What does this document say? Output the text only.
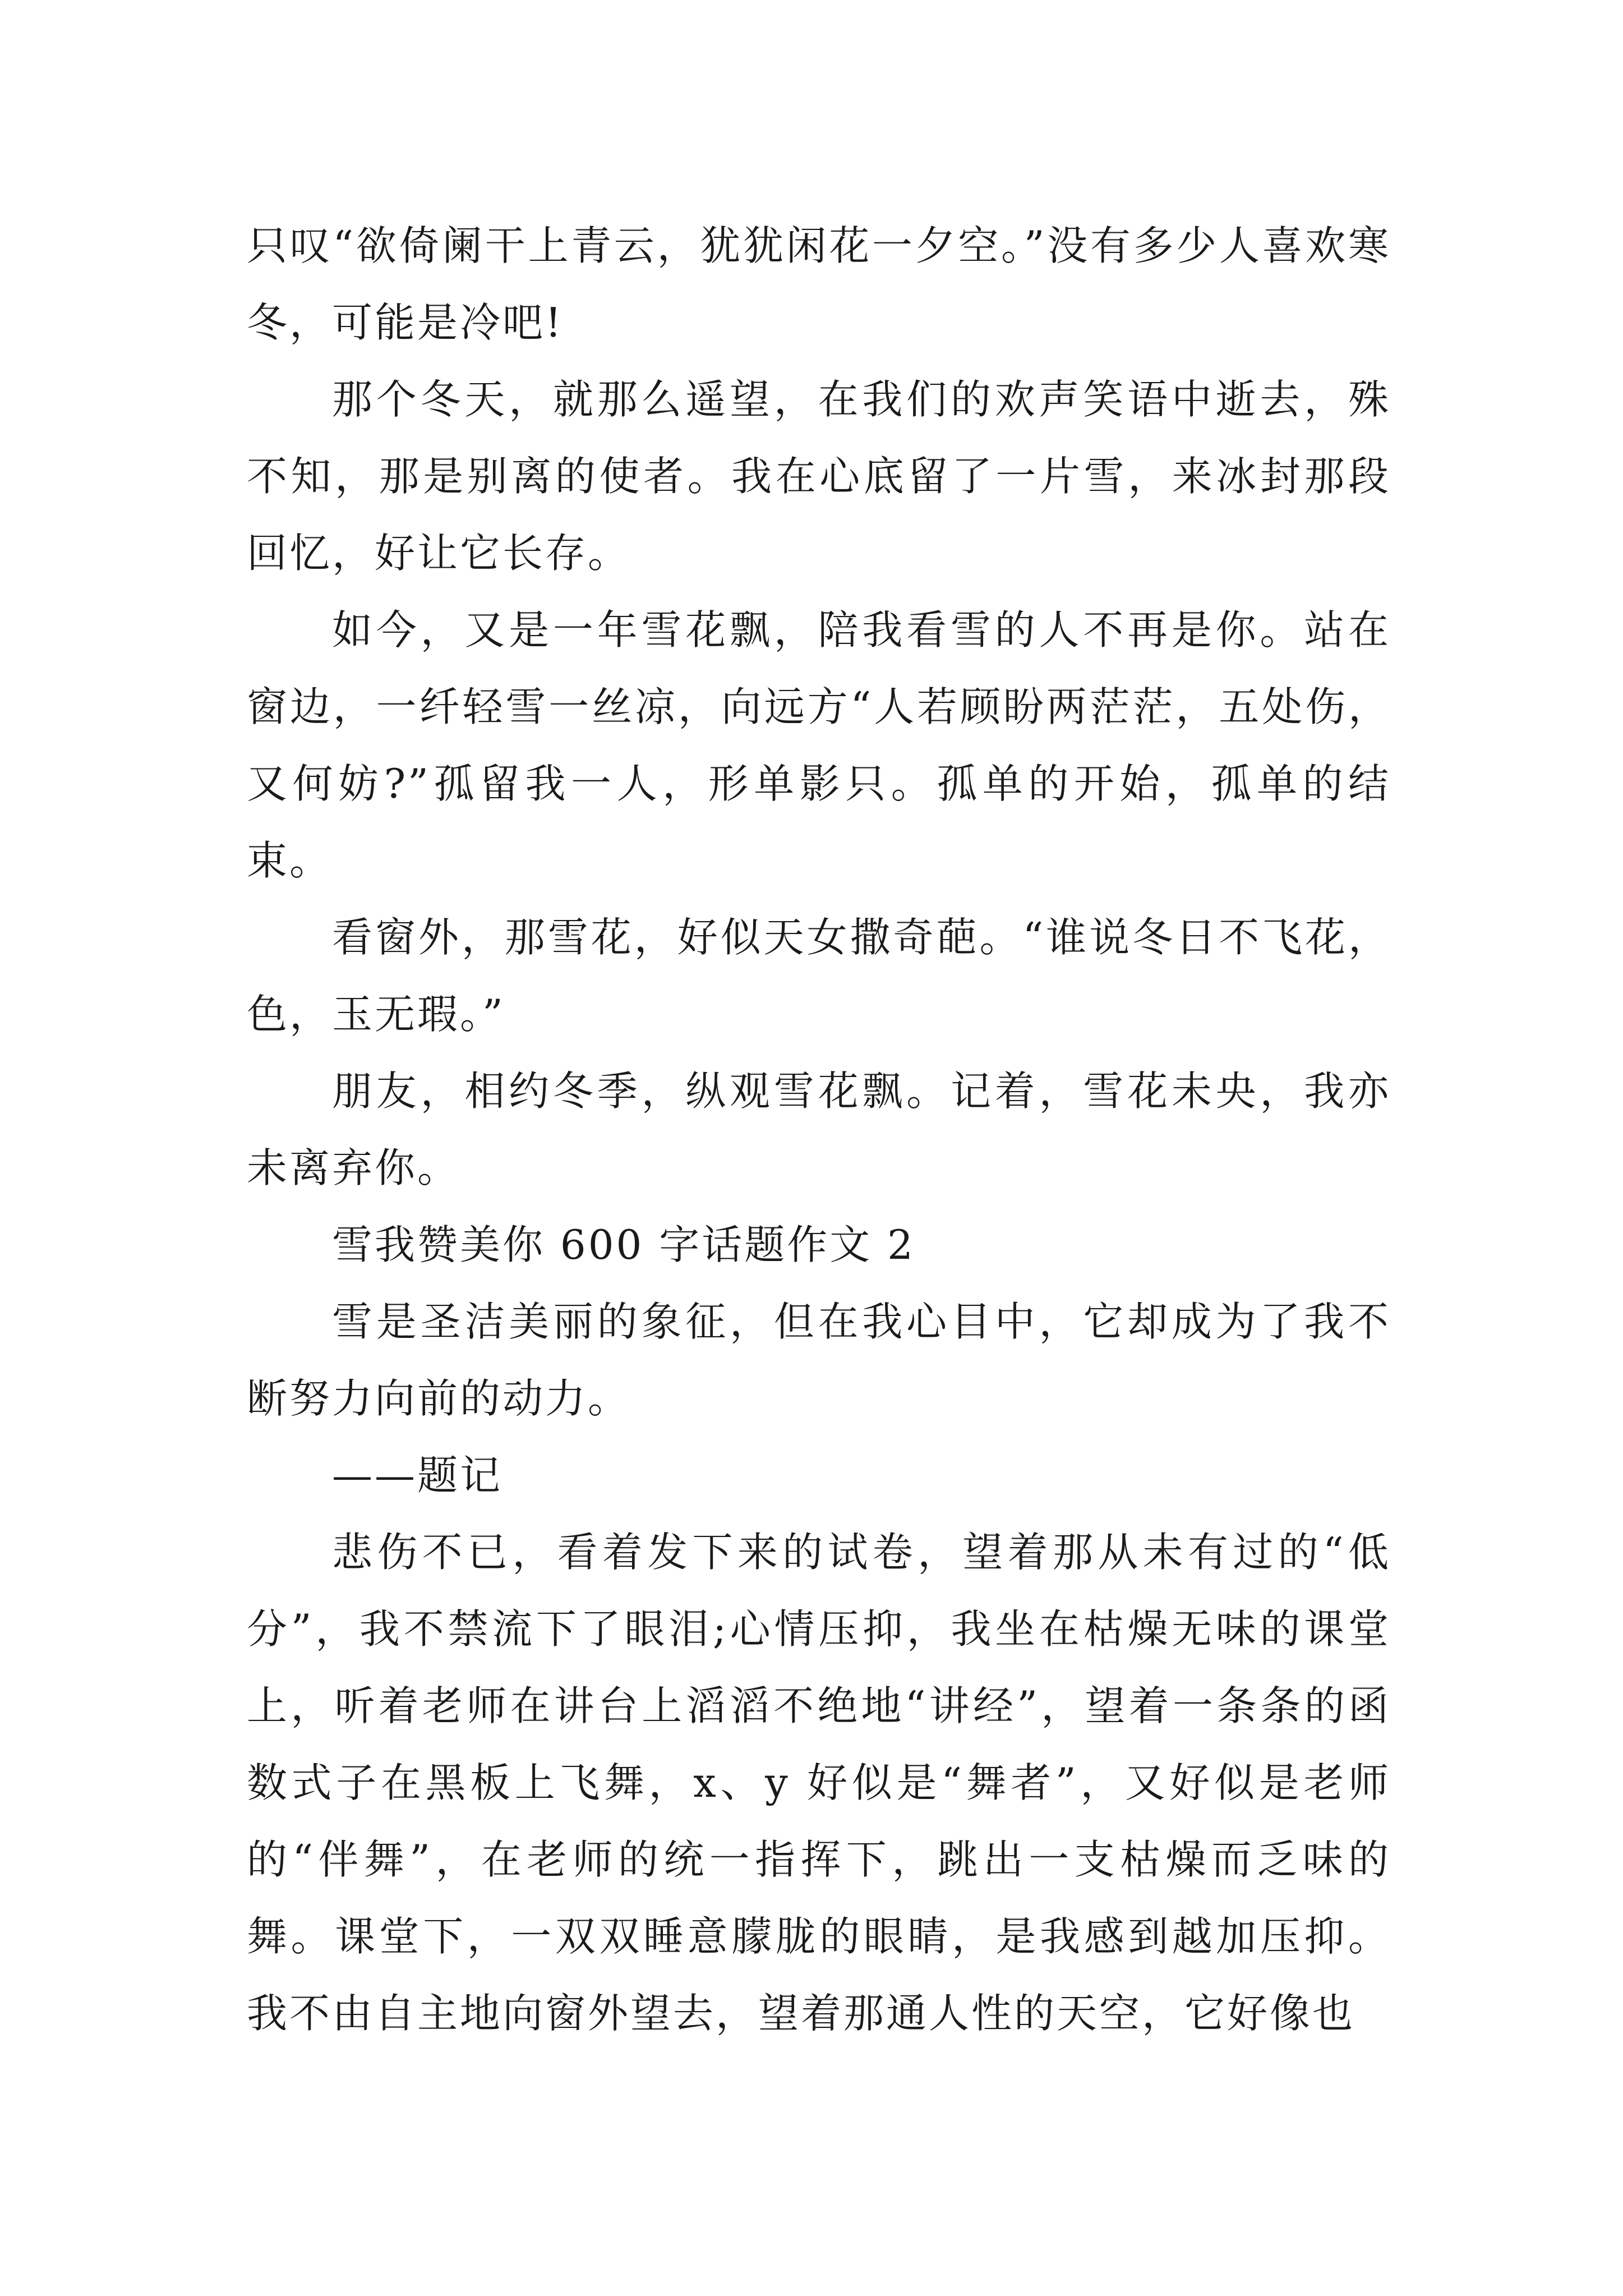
只叹“欲倚阑干上青云，犹犹闲花一夕空。”没有多少人喜欢寒冬，可能是冷吧!

那个冬天，就那么遥望，在我们的欢声笑语中逝去，殊不知，那是别离的使者。我在心底留了一片雪，来冰封那段回忆，好让它长存。

如今，又是一年雪花飘，陪我看雪的人不再是你。站在窗边，一纤轻雪一丝凉，向远方“人若顾盼两茫茫，五处伤，又何妨?”孤留我一人，形单影只。孤单的开始，孤单的结束。

看窗外，那雪花，好似天女撒奇葩。“谁说冬日不飞花，色，玉无瑕。”

朋友，相约冬季，纵观雪花飘。记着，雪花未央，我亦未离弃你。

雪我赞美你 600 字话题作文 2

雪是圣洁美丽的象征，但在我心目中，它却成为了我不断努力向前的动力。

——题记

悲伤不已，看着发下来的试卷，望着那从未有过的“低分”，我不禁流下了眼泪;心情压抑，我坐在枯燥无味的课堂上，听着老师在讲台上滔滔不绝地“讲经”，望着一条条的函数式子在黑板上飞舞，x、y 好似是“舞者”，又好似是老师的“伴舞”，在老师的统一指挥下，跳出一支枯燥而乏味的舞。课堂下，一双双睡意朦胧的眼睛，是我感到越加压抑。我不由自主地向窗外望去，望着那通人性的天空，它好像也
